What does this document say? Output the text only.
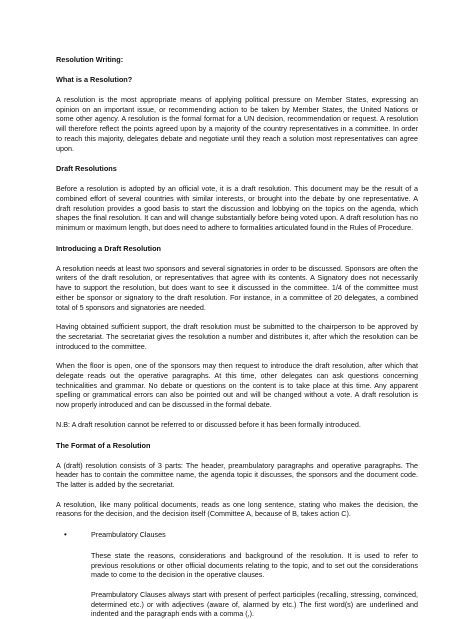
Resolution Writing:

What is a Resolution?

A resolution is the most appropriate means of applying political pressure on Member States, expressing an opinion on an important issue, or recommending action to be taken by Member States, the United Nations or some other agency. A resolution is the formal format for a UN decision, recommendation or request. A resolution will therefore reflect the points agreed upon by a majority of the country representatives in a committee. In order to reach this majority, delegates debate and negotiate until they reach a solution most representatives can agree upon.

Draft Resolutions

Before a resolution is adopted by an official vote, it is a draft resolution. This document may be the result of a combined effort of several countries with similar interests, or brought into the debate by one representative. A draft resolution provides a good basis to start the discussion and lobbying on the topics on the agenda, which shapes the final resolution. It can and will change substantially before being voted upon. A draft resolution has no minimum or maximum length, but does need to adhere to formalities articulated found in the Rules of Procedure.

Introducing a Draft Resolution

A resolution needs at least two sponsors and several signatories in order to be discussed. Sponsors are often the writers of the draft resolution, or representatives that agree with its contents. A Signatory does not necessarily have to support the resolution, but does want to see it discussed in the committee. 1/4 of the committee must either be sponsor or signatory to the draft resolution. For instance, in a committee of 20 delegates, a combined total of 5 sponsors and signatories are needed.

Having obtained sufficient support, the draft resolution must be submitted to the chairperson to be approved by the secretariat. The secretariat gives the resolution a number and distributes it, after which the resolution can be introduced to the committee.

When the floor is open, one of the sponsors may then request to introduce the draft resolution, after which that delegate reads out the operative paragraphs. At this time, other delegates can ask questions concerning technicalities and grammar. No debate or questions on the content is to take place at this time. Any apparent spelling or grammatical errors can also be pointed out and will be changed without a vote. A draft resolution is now properly introduced and can be discussed in the formal debate.

N.B: A draft resolution cannot be referred to or discussed before it has been formally introduced.

The Format of a Resolution

A (draft) resolution consists of 3 parts: The header, preambulatory paragraphs and operative paragraphs. The header has to contain the committee name, the agenda topic it discusses, the sponsors and the document code. The latter is added by the secretariat.

A resolution, like many political documents, reads as one long sentence, stating who makes the decision, the reasons for the decision, and the decision itself (Committee A, because of B, takes action C).

•	Preambulatory Clauses

These state the reasons, considerations and background of the resolution. It is used to refer to previous resolutions or other official documents relating to the topic, and to set out the considerations made to come to the decision in the operative clauses.

Preambulatory Clauses always start with present of perfect participles (recalling, stressing, convinced, determined etc.) or with adjectives (aware of, alarmed by etc.) The first word(s) are underlined and indented and the paragraph ends with a comma (,).
